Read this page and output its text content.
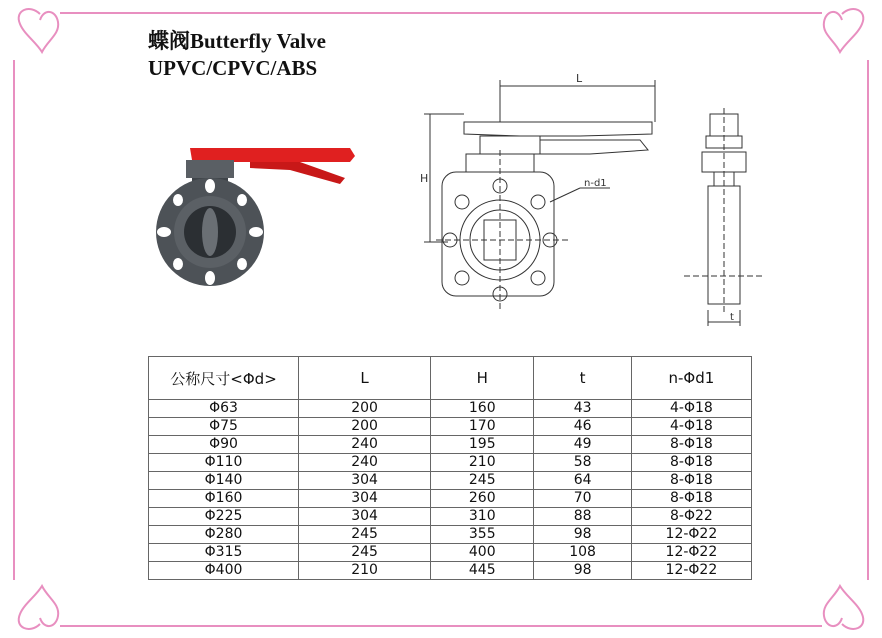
蝶阀Butterfly Valve
UPVC/CPVC/ABS	L
H	n-d1
t
公称尺寸<Φd>	L	H	t	n-Φd1
Φ63	200	160	43	4-Φ18
Φ75	200	170	46	4-Φ18
Φ90	240	195	49	8-Φ18
Φ110	240	210	58	8-Φ18
Φ140	304	245	64	8-Φ18
Φ160	304	260	70	8-Φ18
Φ225	304	310	88	8-Φ22
Φ280	245	355	98	12-Φ22
Φ315	245	400	108	12-Φ22
Φ400	210	445	98	12-Φ22
